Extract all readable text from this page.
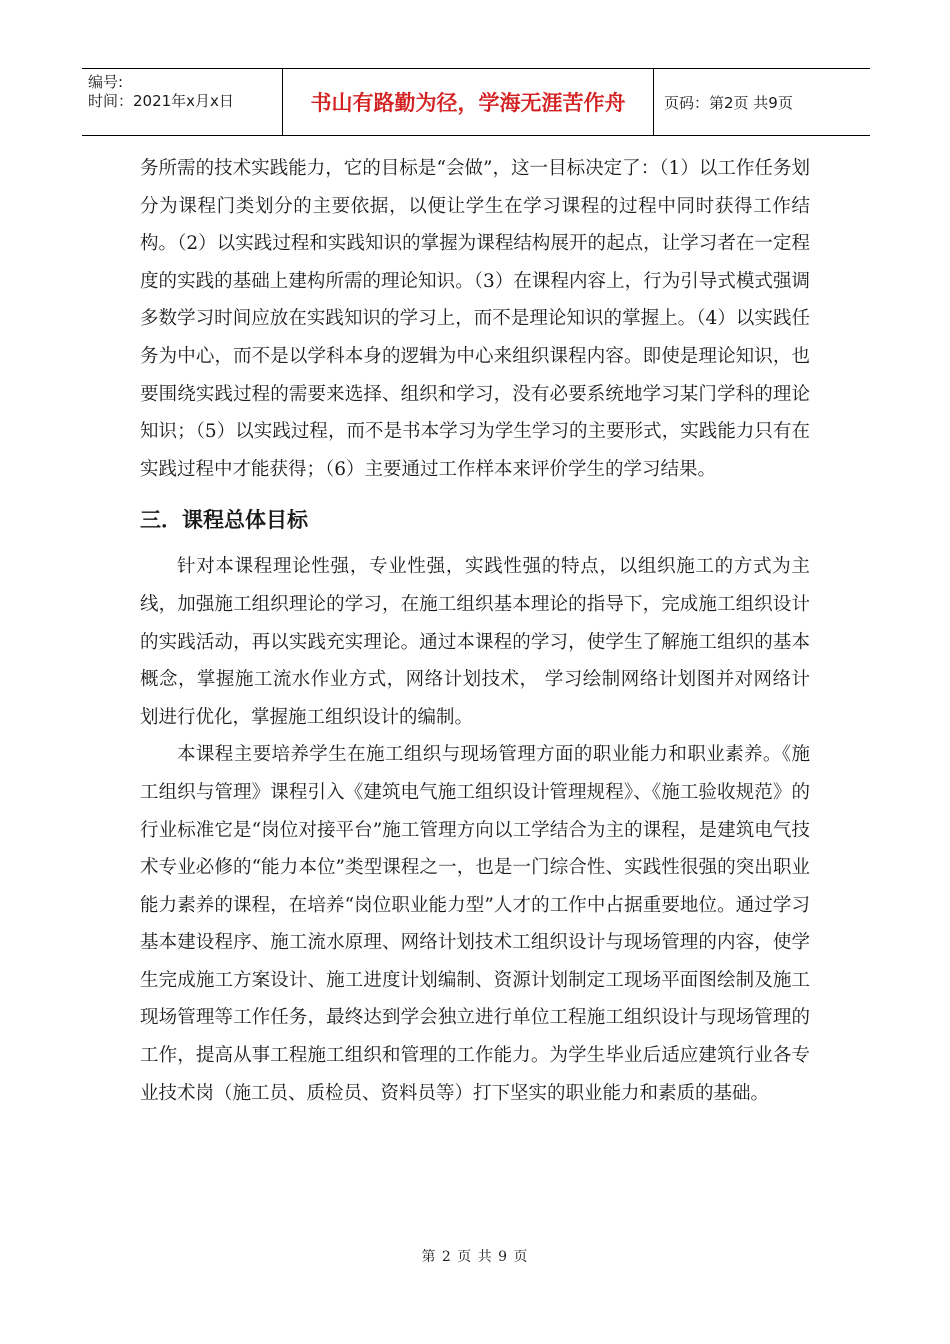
编号:
时间：2021年x月x日	书山有路勤为径，学海无涯苦作舟	页码：第2页 共9页

务所需的技术实践能力，它的目标是“会做”，这一目标决定了：（1）以工作任务划分为课程门类划分的主要依据，以便让学生在学习课程的过程中同时获得工作结构。（2）以实践过程和实践知识的掌握为课程结构展开的起点，让学习者在一定程度的实践的基础上建构所需的理论知识。（3）在课程内容上，行为引导式模式强调多数学习时间应放在实践知识的学习上，而不是理论知识的掌握上。（4）以实践任务为中心，而不是以学科本身的逻辑为中心来组织课程内容。即使是理论知识，也要围绕实践过程的需要来选择、组织和学习，没有必要系统地学习某门学科的理论知识；（5）以实践过程，而不是书本学习为学生学习的主要形式，实践能力只有在实践过程中才能获得；（6）主要通过工作样本来评价学生的学习结果。

三．课程总体目标

针对本课程理论性强，专业性强，实践性强的特点，以组织施工的方式为主线，加强施工组织理论的学习，在施工组织基本理论的指导下，完成施工组织设计的实践活动，再以实践充实理论。通过本课程的学习，使学生了解施工组织的基本概念，掌握施工流水作业方式，网络计划技术， 学习绘制网络计划图并对网络计划进行优化，掌握施工组织设计的编制。

本课程主要培养学生在施工组织与现场管理方面的职业能力和职业素养。《施工组织与管理》课程引入《建筑电气施工组织设计管理规程》、《施工验收规范》的行业标准它是“岗位对接平台”施工管理方向以工学结合为主的课程，是建筑电气技术专业必修的“能力本位”类型课程之一，也是一门综合性、实践性很强的突出职业能力素养的课程，在培养“岗位职业能力型”人才的工作中占据重要地位。通过学习基本建设程序、施工流水原理、网络计划技术工组织设计与现场管理的内容，使学生完成施工方案设计、施工进度计划编制、资源计划制定工现场平面图绘制及施工现场管理等工作任务，最终达到学会独立进行单位工程施工组织设计与现场管理的工作，提高从事工程施工组织和管理的工作能力。为学生毕业后适应建筑行业各专业技术岗（施工员、质检员、资料员等）打下坚实的职业能力和素质的基础。

第 2 页 共 9 页
